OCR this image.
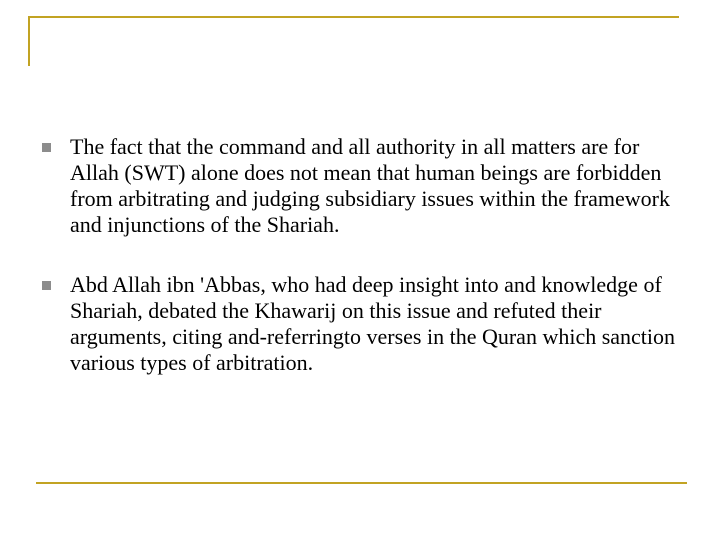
The fact that the command and all authority in all matters are for Allah (SWT) alone does not mean that human beings are forbidden from arbitrating and judging subsidiary issues within the framework and injunctions of the Shariah.
Abd Allah ibn 'Abbas, who had deep insight into and knowledge of Shariah, debated the Khawarij on this issue and refuted their arguments, citing and-referringto verses in the Quran which sanction various types of arbitration.
